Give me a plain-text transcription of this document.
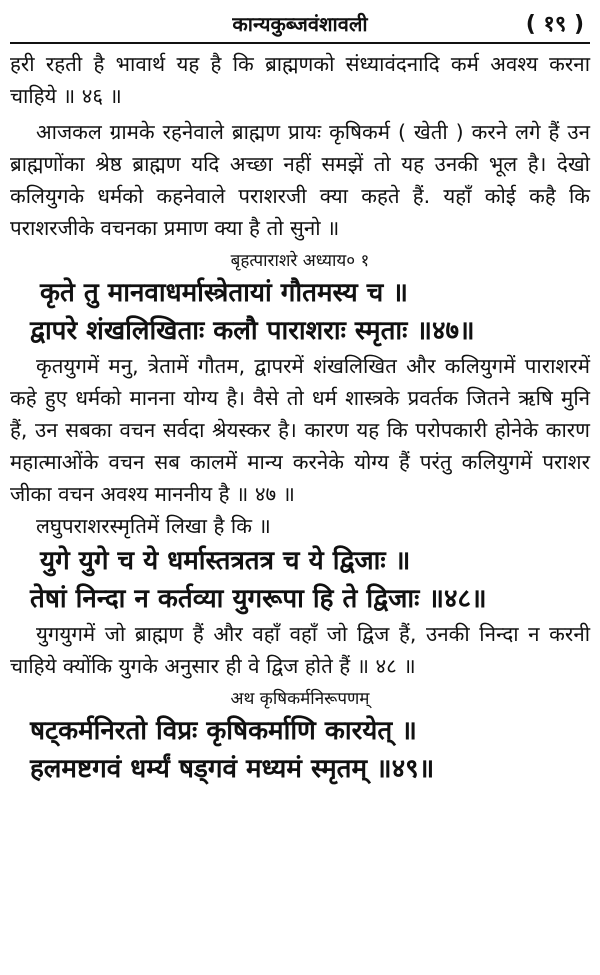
कान्यकुब्जवंशावली	( १९ )

हरी रहती है भावार्थ यह है कि ब्राह्मणको संध्यावंदनादि कर्म अवश्य करना चाहिये ॥ ४६ ॥

आजकल ग्रामके रहनेवाले ब्राह्मण प्रायः कृषिकर्म ( खेती ) करने लगे हैं उन ब्राह्मणोंका श्रेष्ठ ब्राह्मण यदि अच्छा नहीं समझें तो यह उनकी भूल है। देखो कलियुगके धर्मको कहनेवाले पराशरजी क्या कहते हैं. यहाँ कोई कहै कि पराशरजीके वचनका प्रमाण क्या है तो सुनो ॥

बृहत्पाराशरे अध्याय० १

कृते तु मानवाधर्मास्त्रेतायां गौतमस्य च ॥

द्वापरे शंखलिखिताः कलौ पाराशराः स्मृताः ॥४७॥

कृतयुगमें मनु, त्रेतामें गौतम, द्वापरमें शंखलिखित और कलियुगमें पाराशरमें कहे हुए धर्मको मानना योग्य है। वैसे तो धर्म शास्त्रके प्रवर्तक जितने ऋषि मुनि हैं, उन सबका वचन सर्वदा श्रेयस्कर है। कारण यह कि परोपकारी होनेके कारण महात्माओंके वचन सब कालमें मान्य करनेके योग्य हैं परंतु कलियुगमें पराशर जीका वचन अवश्य माननीय है ॥ ४७ ॥

लघुपराशरस्मृतिमें लिखा है कि ॥

युगे युगे च ये धर्मास्तत्रतत्र च ये द्विजाः ॥

तेषां निन्दा न कर्तव्या युगरूपा हि ते द्विजाः ॥४८॥

युगयुगमें जो ब्राह्मण हैं और वहाँ वहाँ जो द्विज हैं, उनकी निन्दा न करनी चाहिये क्योंकि युगके अनुसार ही वे द्विज होते हैं ॥ ४८ ॥

अथ कृषिकर्मनिरूपणम्

षट्कर्मनिरतो विप्रः कृषिकर्माणि कारयेत् ॥

हलमष्टगवं धर्म्यं षड्गवं मध्यमं स्मृतम् ॥४९॥
